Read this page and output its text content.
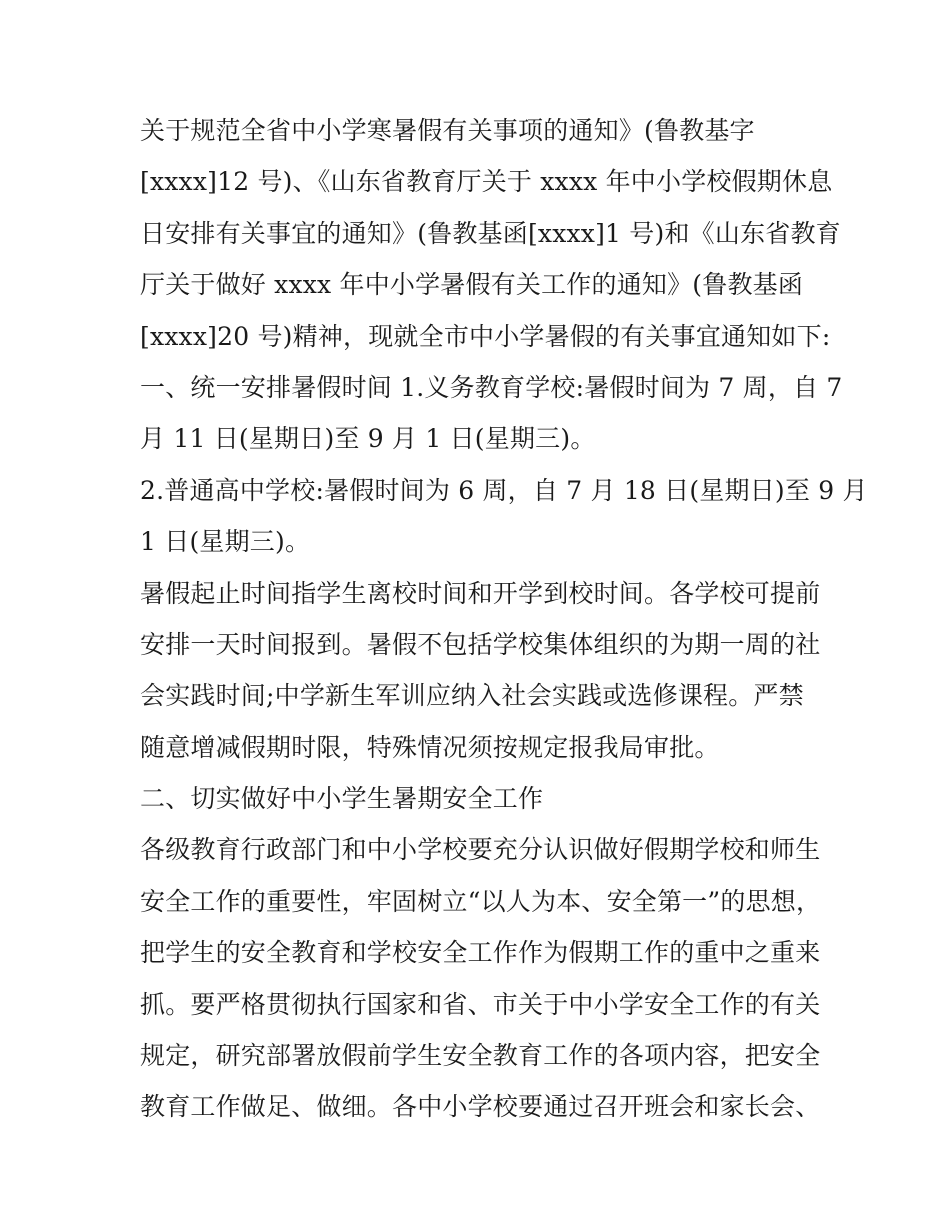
关于规范全省中小学寒暑假有关事项的通知》(鲁教基字
[xxxx]12 号)、《山东省教育厅关于 xxxx 年中小学校假期休息
日安排有关事宜的通知》(鲁教基函[xxxx]1 号)和《山东省教育
厅关于做好 xxxx 年中小学暑假有关工作的通知》(鲁教基函
[xxxx]20 号)精神，现就全市中小学暑假的有关事宜通知如下:
一、统一安排暑假时间 1.义务教育学校:暑假时间为 7 周，自 7
月 11 日(星期日)至 9 月 1 日(星期三)。
2.普通高中学校:暑假时间为 6 周，自 7 月 18 日(星期日)至 9 月
1 日(星期三)。
暑假起止时间指学生离校时间和开学到校时间。各学校可提前
安排一天时间报到。暑假不包括学校集体组织的为期一周的社
会实践时间;中学新生军训应纳入社会实践或选修课程。严禁
随意增减假期时限，特殊情况须按规定报我局审批。
二、切实做好中小学生暑期安全工作
各级教育行政部门和中小学校要充分认识做好假期学校和师生
安全工作的重要性，牢固树立“以人为本、安全第一”的思想，
把学生的安全教育和学校安全工作作为假期工作的重中之重来
抓。要严格贯彻执行国家和省、市关于中小学安全工作的有关
规定，研究部署放假前学生安全教育工作的各项内容，把安全
教育工作做足、做细。各中小学校要通过召开班会和家长会、
